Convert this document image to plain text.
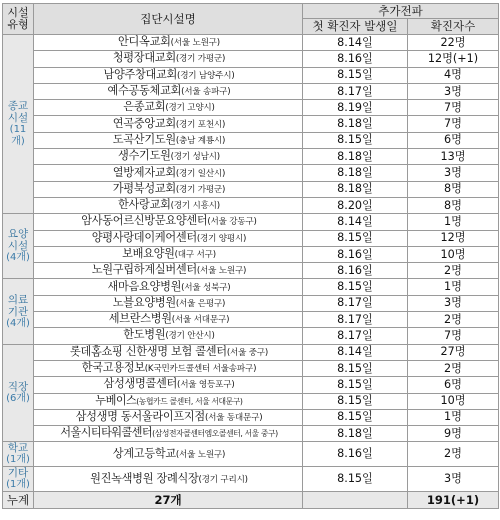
시설유형	집단시설명	추가전파	
		첫 확진자 발생일	확진자수

종교시설
(11개)	안디옥교회(서울 노원구)	8.14일	22명
	청평장대교회(경기 가평군)	8.16일	12명(+1)
	남양주창대교회(경기 남양주시)	8.15일	4명
	예수공동체교회(서울 송파구)	8.17일	3명
	은종교회(경기 고양시)	8.19일	7명
	연곡중앙교회(경기 포천시)	8.18일	7명
	도곡산기도원(충남 계룡시)	8.15일	6명
	생수기도원(경기 성남시)	8.18일	13명
	열방제자교회(경기 일산시)	8.18일	3명
	가평북성교회(경기 가평군)	8.18일	8명
	한사랑교회(경기 시흥시)	8.20일	8명

요양시설
(4개)	암사동어르신방문요양센터(서울 강동구)	8.14일	1명
	양평사랑데이케어센터(경기 양평시)	8.15일	12명
	보배요양원(대구 서구)	8.16일	10명
	노원구립하계실버센터(서울 노원구)	8.16일	2명

의료기관
(4개)	새마음요양병원(서울 성북구)	8.15일	1명
	노블요양병원(서울 은평구)	8.17일	3명
	세브란스병원(서울 서대문구)	8.17일	2명
	한도병원(경기 안산시)	8.17일	7명

직장
(6개)	롯데홈쇼핑 신한생명 보험 콜센터(서울 중구)	8.14일	27명
	한국고용정보(K국민카드콜센터 서울송파구)	8.15일	2명
	삼성생명콜센터(서울 영등포구)	8.15일	6명
	누베이스(농협카드 콜센터, 서울 서대문구)	8.15일	10명
	삼성생명 동서울라이프지점(서울 동대문구)	8.15일	1명
	서울시티타워콜센터(삼성전자콜센터엠오콜센터, 서울 중구)	8.18일	9명

학교
(1개)	상계고등학교(서울 노원구)	8.16일	2명

기타
(1개)	원진녹색병원 장례식장(경기 구리시)	8.15일	3명
누계	27개		191(+1)
